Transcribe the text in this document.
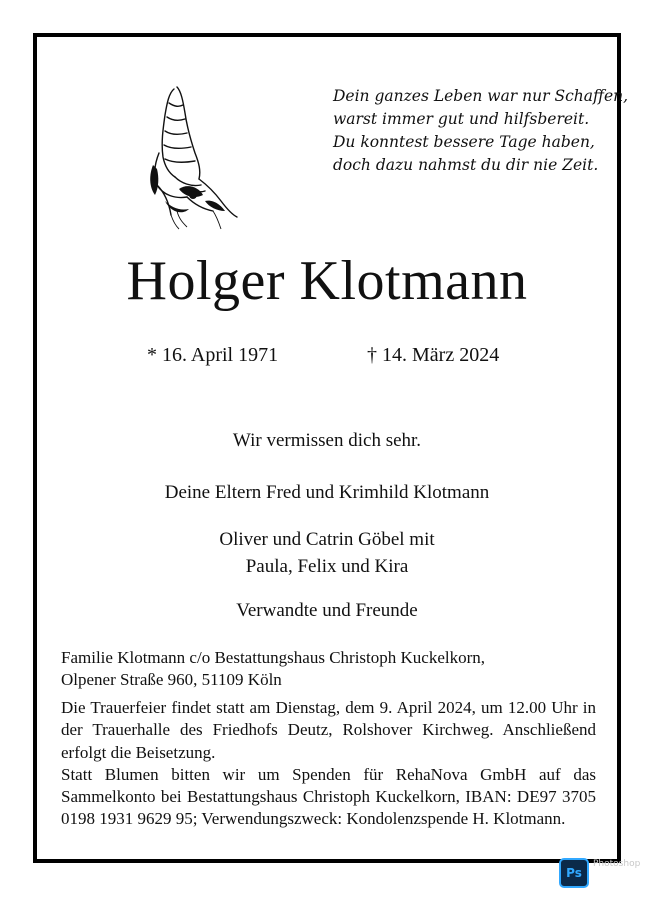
Dein ganzes Leben war nur Schaffen,
warst immer gut und hilfsbereit.
Du konntest bessere Tage haben,
doch dazu nahmst du dir nie Zeit.
Holger Klotmann
* 16. April 1971	† 14. März 2024
Wir vermissen dich sehr.
Deine Eltern Fred und Krimhild Klotmann
Oliver und Catrin Göbel mit
Paula, Felix und Kira
Verwandte und Freunde
Familie Klotmann c/o Bestattungshaus Christoph Kuckelkorn,
Olpener Straße 960, 51109 Köln
Die Trauerfeier findet statt am Dienstag, dem 9. April 2024, um 12.00 Uhr in der Trauerhalle des Friedhofs Deutz, Rolshover Kirchweg. Anschließend erfolgt die Beisetzung.
Statt Blumen bitten wir um Spenden für RehaNova GmbH auf das Sammelkonto bei Bestattungshaus Christoph Kuckelkorn, IBAN: DE97 3705 0198 1931 9629 95; Verwendungszweck: Kondolenzspende H. Klotmann.
Ps
Photoshop
